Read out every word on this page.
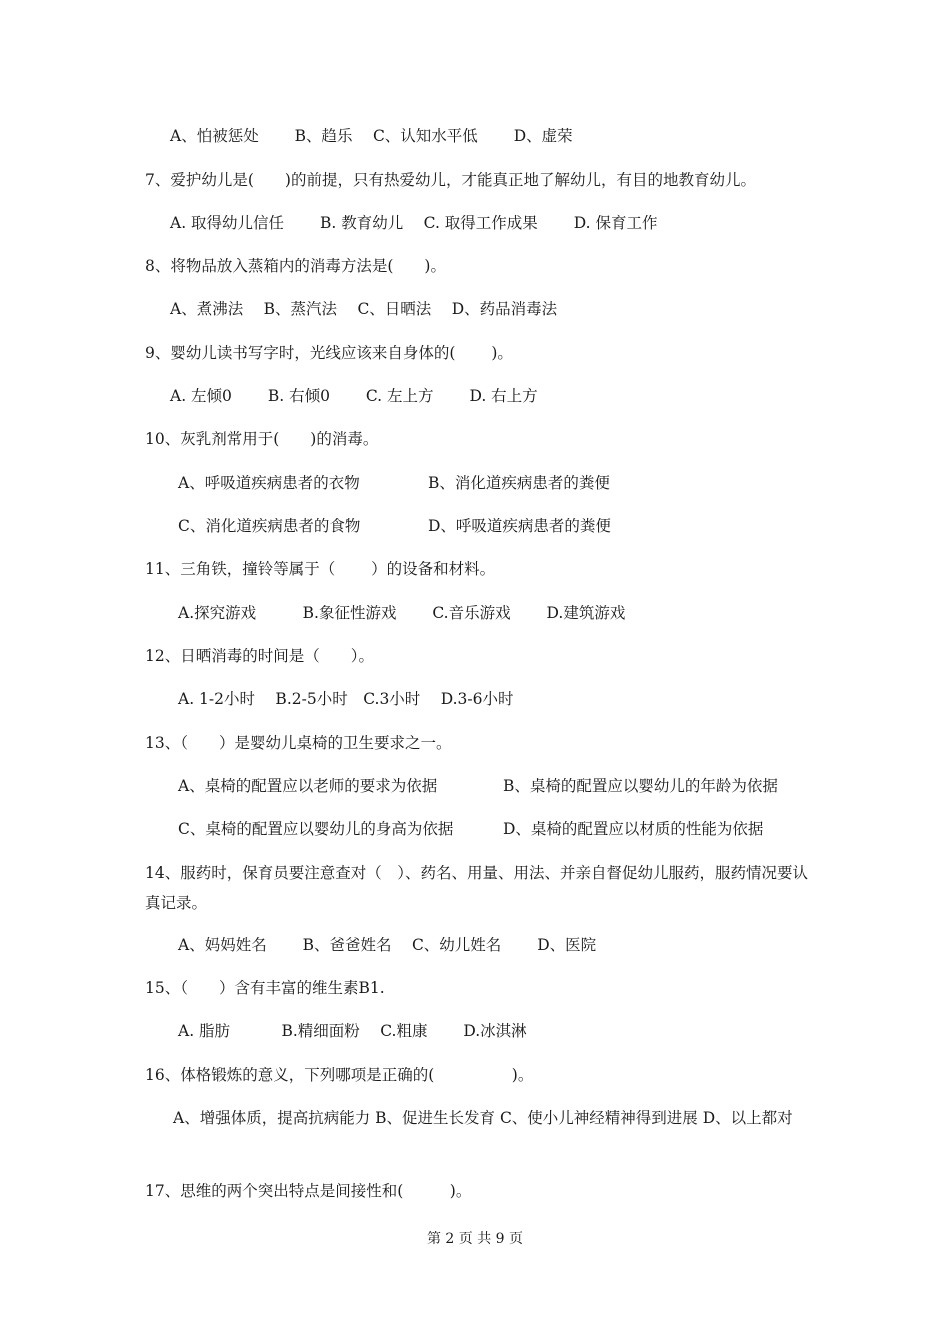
A、怕被惩处　　 B、趋乐　 C、认知水平低　　 D、虚荣
7、爱护幼儿是(　　)的前提，只有热爱幼儿，才能真正地了解幼儿，有目的地教育幼儿。
A. 取得幼儿信任　　 B. 教育幼儿　 C. 取得工作成果　　 D. 保育工作
8、将物品放入蒸箱内的消毒方法是(　　)。
A、煮沸法　 B、蒸汽法　 C、日晒法　 D、药品消毒法
9、婴幼儿读书写字时，光线应该来自身体的(　　 )。
A. 左倾0　　 B. 右倾0　　 C. 左上方　　 D. 右上方
10、灰乳剂常用于(　　)的消毒。
A、呼吸道疾病患者的衣物	B、消化道疾病患者的粪便
C、消化道疾病患者的食物	D、呼吸道疾病患者的粪便
11、三角铁，撞铃等属于（　　 ）的设备和材料。
A.探究游戏　　　B.象征性游戏　　 C.音乐游戏　　 D.建筑游戏
12、日晒消毒的时间是（　　）。
A. 1-2小时　 B.2-5小时　C.3小时　 D.3-6小时
13、（　　）是婴幼儿桌椅的卫生要求之一。
A、桌椅的配置应以老师的要求为依据	B、桌椅的配置应以婴幼儿的年龄为依据
C、桌椅的配置应以婴幼儿的身高为依据	D、桌椅的配置应以材质的性能为依据
14、服药时，保育员要注意查对（　）、药名、用量、用法、并亲自督促幼儿服药，服药情况要认真记录。
A、妈妈姓名　　 B、爸爸姓名　 C、幼儿姓名　　 D、医院
15、（　　）含有丰富的维生素B1.
A. 脂肪　　　 B.精细面粉　 C.粗康　　 D.冰淇淋
16、体格锻炼的意义，下列哪项是正确的(　　　　　)。
A、增强体质，提高抗病能力 B、促进生长发育 C、使小儿神经精神得到进展 D、以上都对
17、思维的两个突出特点是间接性和(　　　)。
第 2 页 共 9 页
